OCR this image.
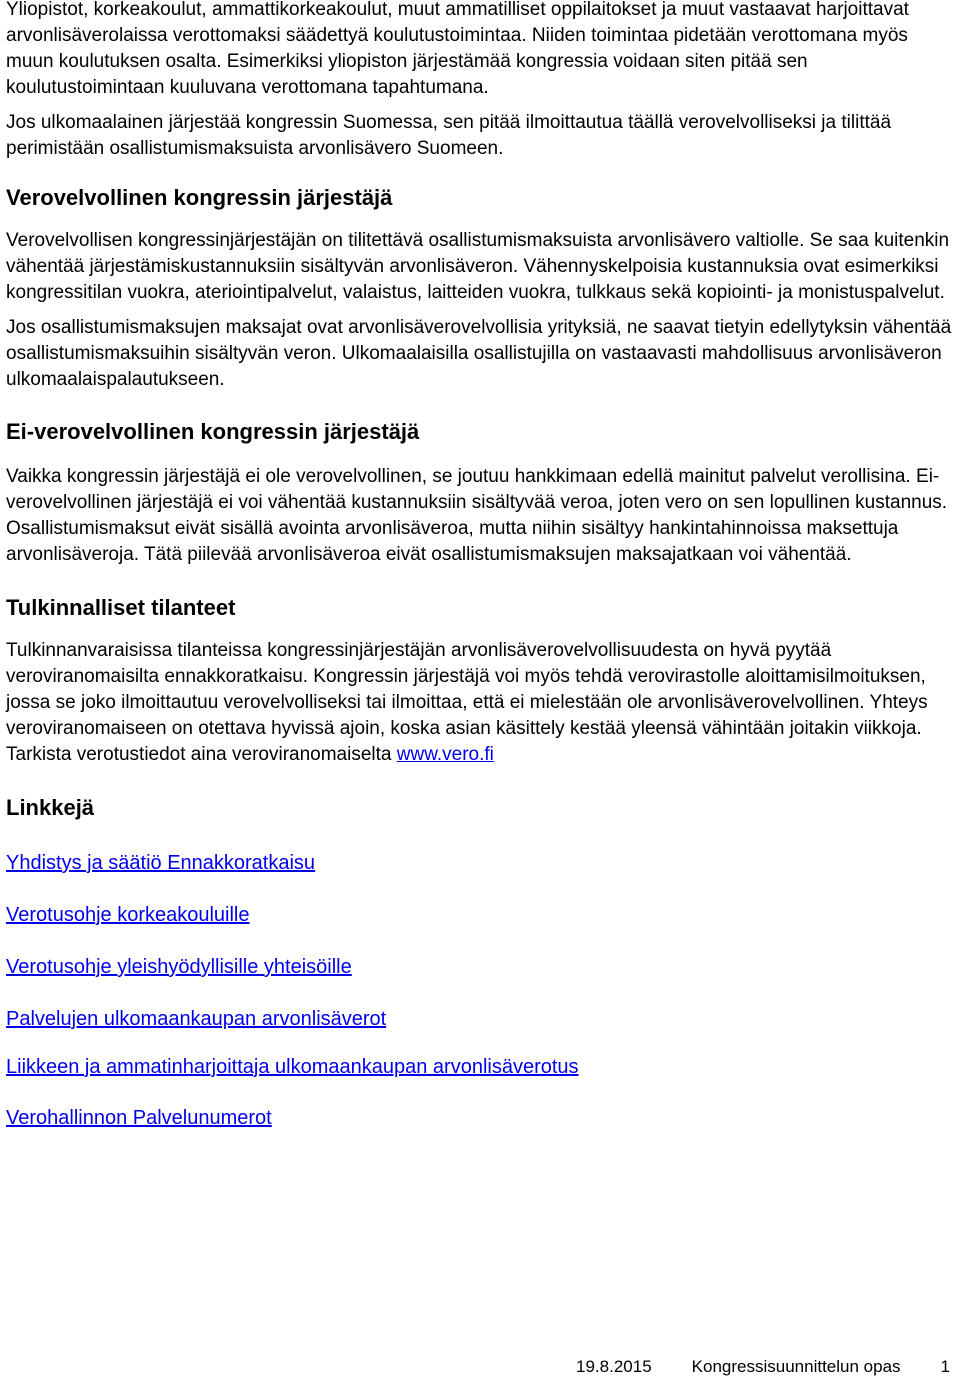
Yliopistot, korkeakoulut, ammattikorkeakoulut, muut ammatilliset oppilaitokset ja muut vastaavat harjoittavat arvonlisäverolaissa verottomaksi säädettyä koulutustoimintaa. Niiden toimintaa pidetään verottomana myös muun koulutuksen osalta. Esimerkiksi yliopiston järjestämää kongressia voidaan siten pitää sen koulutustoimintaan kuuluvana verottomana tapahtumana.

Jos ulkomaalainen järjestää kongressin Suomessa, sen pitää ilmoittautua täällä verovelvolliseksi ja tilittää perimistään osallistumismaksuista arvonlisävero Suomeen.

Verovelvollinen kongressin järjestäjä

Verovelvollisen kongressinjärjestäjän on tilitettävä osallistumismaksuista arvonlisävero valtiolle. Se saa kuitenkin vähentää järjestämiskustannuksiin sisältyvän arvonlisäveron. Vähennyskelpoisia kustannuksia ovat esimerkiksi kongressitilan vuokra, ateriointipalvelut, valaistus, laitteiden vuokra, tulkkaus sekä kopiointi- ja monistuspalvelut.

Jos osallistumismaksujen maksajat ovat arvonlisäverovelvollisia yrityksiä, ne saavat tietyin edellytyksin vähentää osallistumismaksuihin sisältyvän veron. Ulkomaalaisilla osallistujilla on vastaavasti mahdollisuus arvonlisäveron ulkomaalaispalautukseen.

Ei-verovelvollinen kongressin järjestäjä

Vaikka kongressin järjestäjä ei ole verovelvollinen, se joutuu hankkimaan edellä mainitut palvelut verollisina. Ei-verovelvollinen järjestäjä ei voi vähentää kustannuksiin sisältyvää veroa, joten vero on sen lopullinen kustannus. Osallistumismaksut eivät sisällä avointa arvonlisäveroa, mutta niihin sisältyy hankintahinnoissa maksettuja arvonlisäveroja. Tätä piilevää arvonlisäveroa eivät osallistumismaksujen maksajatkaan voi vähentää.

Tulkinnalliset tilanteet

Tulkinnanvaraisissa tilanteissa kongressinjärjestäjän arvonlisäverovelvollisuudesta on hyvä pyytää veroviranomaisilta ennakkoratkaisu. Kongressin järjestäjä voi myös tehdä verovirastolle aloittamisilmoituksen, jossa se joko ilmoittautuu verovelvolliseksi tai ilmoittaa, että ei mielestään ole arvonlisäverovelvollinen. Yhteys veroviranomaiseen on otettava hyvissä ajoin, koska asian käsittely kestää yleensä vähintään joitakin viikkoja.

Tarkista verotustiedot aina veroviranomaiselta www.vero.fi

Linkkejä
Yhdistys ja säätiö Ennakkoratkaisu
Verotusohje korkeakouluille
Verotusohje yleishyödyllisille yhteisöille
Palvelujen ulkomaankaupan arvonlisäverot
Liikkeen ja ammatinharjoittaja ulkomaankaupan arvonlisäverotus
Verohallinnon Palvelunumerot
19.8.2015 Kongressisuunnittelun opas 1
